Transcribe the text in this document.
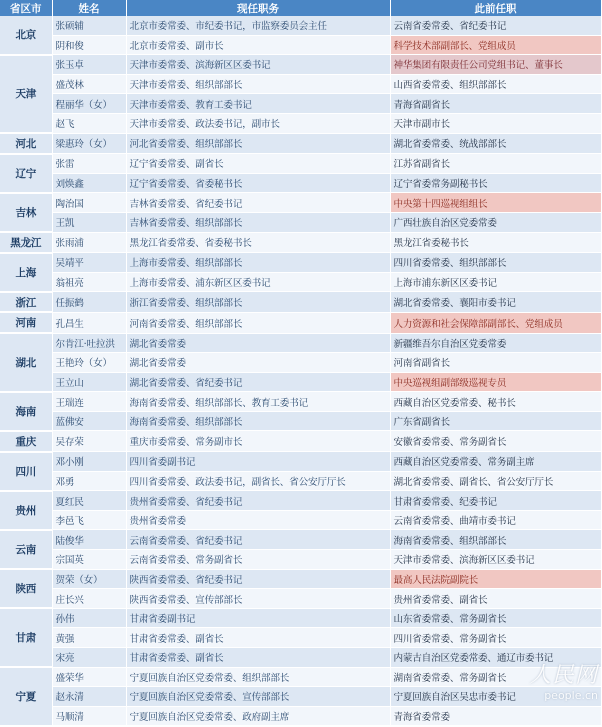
省区市	姓名	现任职务	此前任职
北京	张硕辅	北京市委常委、市纪委书记，市监察委员会主任	云南省委常委、省纪委书记
	阴和俊	北京市委常委、副市长	科学技术部副部长、党组成员
天津	张玉卓	天津市委常委、滨海新区区委书记	神华集团有限责任公司党组书记、董事长
	盛茂林	天津市委常委、组织部部长	山西省委常委、组织部部长
	程丽华（女）	天津市委常委、教育工委书记	青海省副省长
	赵飞	天津市委常委、政法委书记，副市长	天津市副市长
河北	梁惠玲（女）	河北省委常委、组织部部长	湖北省委常委、统战部部长
辽宁	张雷	辽宁省委常委、副省长	江苏省副省长
	刘焕鑫	辽宁省委常委、省委秘书长	辽宁省委常务副秘书长
吉林	陶治国	吉林省委常委、省纪委书记	中央第十四巡视组组长
	王凯	吉林省委常委、组织部部长	广西壮族自治区党委常委
黑龙江	张雨浦	黑龙江省委常委、省委秘书长	黑龙江省委秘书长
上海	吴靖平	上海市委常委、组织部部长	四川省委常委、组织部部长
	翁祖亮	上海市委常委、浦东新区区委书记	上海市浦东新区区委书记
浙江	任振鹤	浙江省委常委、组织部部长	湖北省委常委、襄阳市委书记
河南	孔昌生	河南省委常委、组织部部长	人力资源和社会保障部副部长、党组成员
湖北	尔肯江·吐拉洪	湖北省委常委	新疆维吾尔自治区党委常委
	王艳玲（女）	湖北省委常委	河南省副省长
	王立山	湖北省委常委、省纪委书记	中央巡视组副部级巡视专员
海南	王瑞连	海南省委常委、组织部部长、教育工委书记	西藏自治区党委常委、秘书长
	蓝佛安	海南省委常委、组织部部长	广东省副省长
重庆	吴存荣	重庆市委常委、常务副市长	安徽省委常委、常务副省长
四川	邓小刚	四川省委副书记	西藏自治区党委常委、常务副主席
	邓勇	四川省委常委、政法委书记，副省长、省公安厅厅长	湖北省委常委、副省长、省公安厅厅长
贵州	夏红民	贵州省委常委、省纪委书记	甘肃省委常委、纪委书记
	李邑飞	贵州省委常委	云南省委常委、曲靖市委书记
云南	陆俊华	云南省委常委、省纪委书记	海南省委常委、组织部部长
	宗国英	云南省委常委、常务副省长	天津市委常委、滨海新区区委书记
陕西	贺荣（女）	陕西省委常委、省纪委书记	最高人民法院副院长
	庄长兴	陕西省委常委、宣传部部长	贵州省委常委、副省长
甘肃	孙伟	甘肃省委副书记	山东省委常委、常务副省长
	黄强	甘肃省委常委、副省长	四川省委常委、常务副省长
	宋亮	甘肃省委常委、副省长	内蒙古自治区党委常委、通辽市委书记
宁夏	盛荣华	宁夏回族自治区党委常委、组织部部长	湖南省委常委、常务副省长
	赵永清	宁夏回族自治区党委常委、宣传部部长	宁夏回族自治区吴忠市委书记
	马顺清	宁夏回族自治区党委常委、政府副主席	青海省委常委
人民网
people.cn
